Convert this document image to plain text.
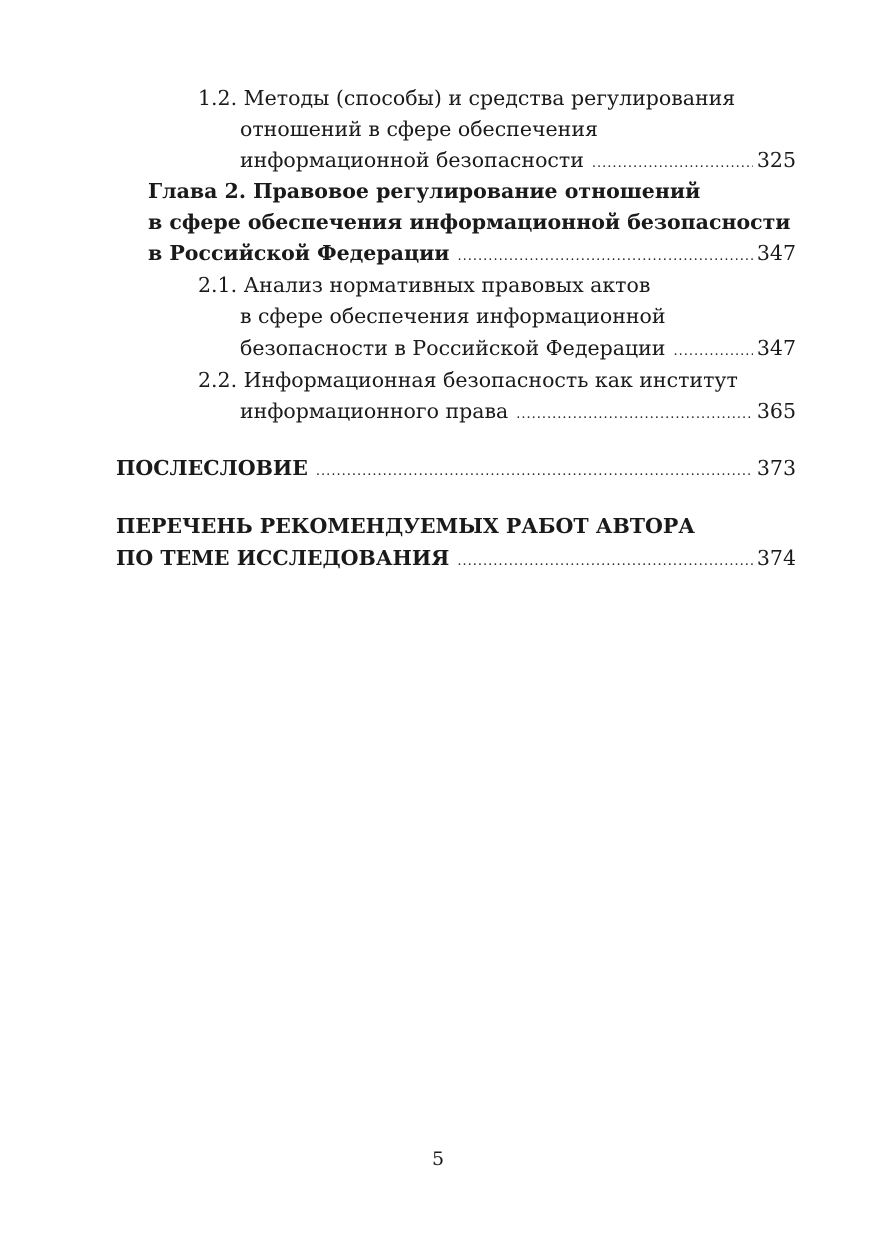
1.2. Методы (способы) и средства регулирования
отношений в сфере обеспечения
информационной безопасности .....	325
Глава 2. Правовое регулирование отношений
в сфере обеспечения информационной безопасности
в Российской Федерации .....	347
2.1. Анализ нормативных правовых актов
в сфере обеспечения информационной
безопасности в Российской Федерации .....	347
2.2. Информационная безопасность как институт
информационного права .....	365
ПОСЛЕСЛОВИЕ .....	373
ПЕРЕЧЕНЬ РЕКОМЕНДУЕМЫХ РАБОТ АВТОРА
ПО ТЕМЕ ИССЛЕДОВАНИЯ .....	374
5
